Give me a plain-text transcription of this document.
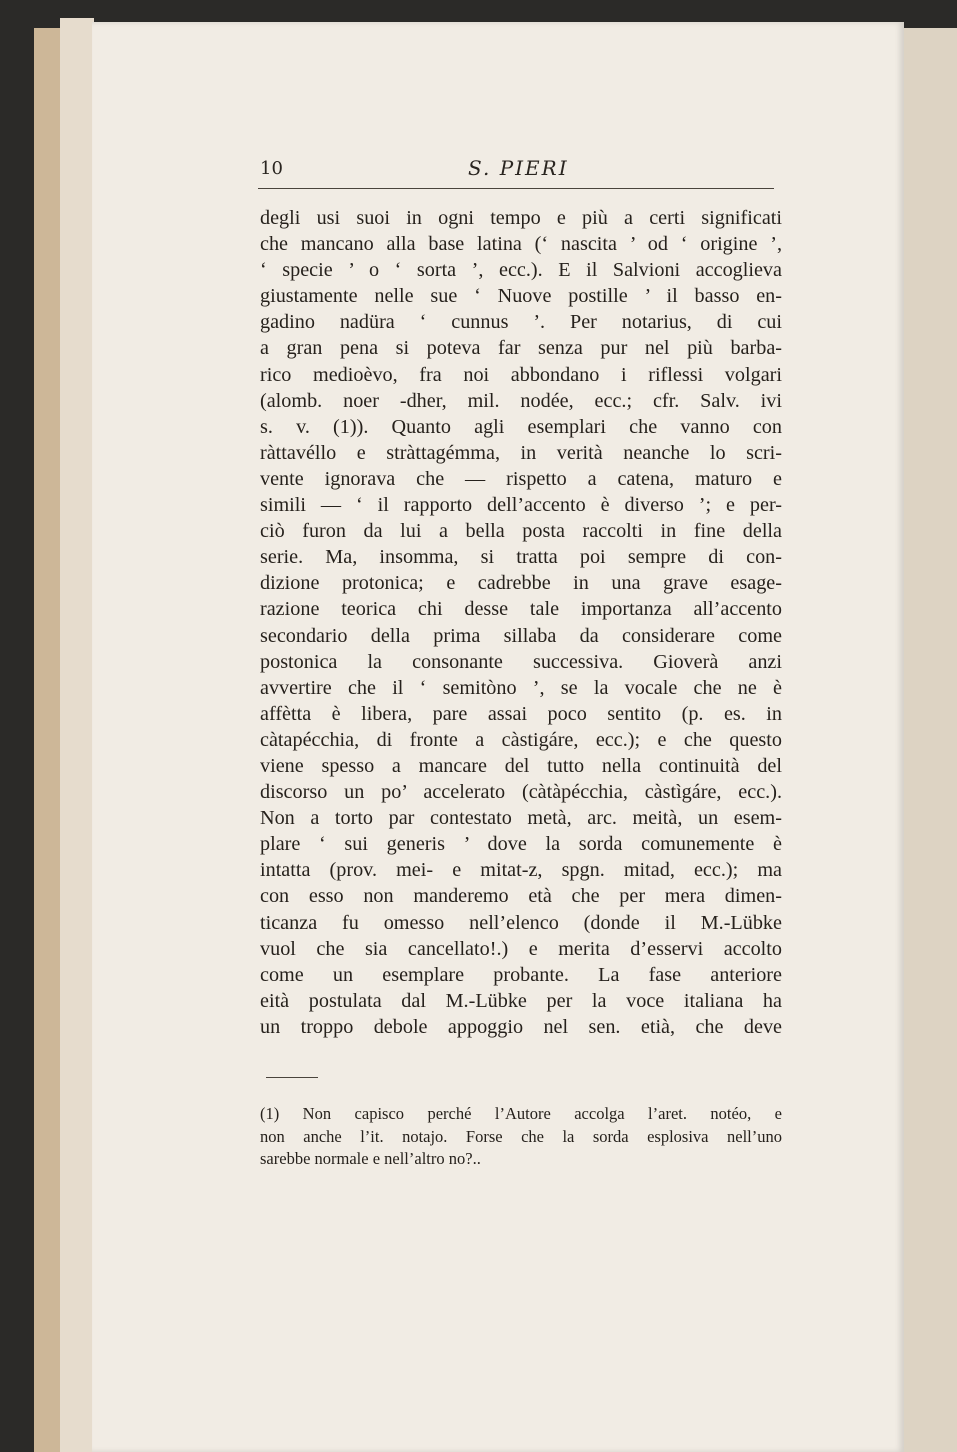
10	S. PIERI
degli usi suoi in ogni tempo e più a certi significati
che mancano alla base latina (‘ nascita ’ od ‘ origine ’,
‘ specie ’ o ‘ sorta ’, ecc.). E il Salvioni accoglieva
giustamente nelle sue ‘ Nuove postille ’ il basso en-
gadino nadüra ‘ cunnus ’. Per notarius, di cui
a gran pena si poteva far senza pur nel più barba-
rico medioèvo, fra noi abbondano i riflessi volgari
(alomb. noer -dher, mil. nodée, ecc.; cfr. Salv. ivi
s. v. (1)). Quanto agli esemplari che vanno con
ràttavéllo e stràttagémma, in verità neanche lo scri-
vente ignorava che — rispetto a catena, maturo e
simili — ‘ il rapporto dell’accento è diverso ’; e per-
ciò furon da lui a bella posta raccolti in fine della
serie. Ma, insomma, si tratta poi sempre di con-
dizione protonica; e cadrebbe in una grave esage-
razione teorica chi desse tale importanza all’accento
secondario della prima sillaba da considerare come
postonica la consonante successiva. Gioverà anzi
avvertire che il ‘ semitòno ’, se la vocale che ne è
affètta è libera, pare assai poco sentito (p. es. in
càtapécchia, di fronte a càstigáre, ecc.); e che questo
viene spesso a mancare del tutto nella continuità del
discorso un po’ accelerato (càtàpécchia, càstìgáre, ecc.).
Non a torto par contestato metà, arc. meità, un esem-
plare ‘ sui generis ’ dove la sorda comunemente è
intatta (prov. mei- e mitat-z, spgn. mitad, ecc.); ma
con esso non manderemo età che per mera dimen-
ticanza fu omesso nell’elenco (donde il M.-Lübke
vuol che sia cancellato!.) e merita d’esservi accolto
come un esemplare probante. La fase anteriore
eità postulata dal M.-Lübke per la voce italiana ha
un troppo debole appoggio nel sen. etià, che deve
(1) Non capisco perché l’Autore accolga l’aret. notéo, e
non anche l’it. notajo. Forse che la sorda esplosiva nell’uno
sarebbe normale e nell’altro no?..
